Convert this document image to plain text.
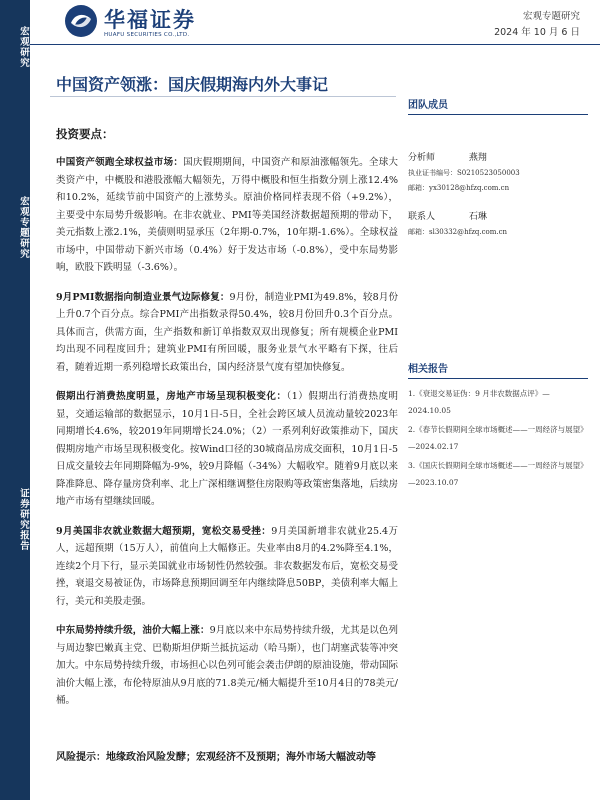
宏观研究
宏观专题研究
证券研究报告
华福证券
HUAFU SECURITIES CO.,LTD.
宏观专题研究
2024 年 10 月 6 日
中国资产领涨：国庆假期海内外大事记
投资要点：

中国资产领跑全球权益市场：国庆假期期间，中国资产和原油涨幅领先。全球大类资产中，中概股和港股涨幅大幅领先，万得中概股和恒生指数分别上涨12.4%和10.2%，延续节前中国资产的上涨势头。原油价格同样表现不俗（+9.2%），主要受中东局势升级影响。在非农就业、PMI等美国经济数据超预期的带动下，美元指数上涨2.1%，美债则明显承压（2年期-0.7%，10年期-1.6%）。全球权益市场中，中国带动下新兴市场（0.4%）好于发达市场（-0.8%），受中东局势影响，欧股下跌明显（-3.6%）。

9月PMI数据指向制造业景气边际修复：9月份，制造业PMI为49.8%，较8月份上升0.7个百分点。综合PMI产出指数录得50.4%，较8月份回升0.3个百分点。具体而言，供需方面，生产指数和新订单指数双双出现修复；所有规模企业PMI均出现不同程度回升；建筑业PMI有所回暖，服务业景气水平略有下探，往后看，随着近期一系列稳增长政策出台，国内经济景气度有望加快修复。

假期出行消费热度明显，房地产市场呈现积极变化：（1）假期出行消费热度明显，交通运输部的数据显示，10月1日-5日，全社会跨区域人员流动量较2023年同期增长4.6%，较2019年同期增长24.0%；（2）一系列利好政策推动下，国庆假期房地产市场呈现积极变化。按Wind口径的30城商品房成交面积，10月1日-5日成交量较去年同期降幅为-9%，较9月降幅（-34%）大幅收窄。随着9月底以来降准降息、降存量房贷利率、北上广深相继调整住房限购等政策密集落地，后续房地产市场有望继续回暖。

9月美国非农就业数据大超预期，宽松交易受挫：9月美国新增非农就业25.4万人，远超预期（15万人），前值向上大幅修正。失业率由8月的4.2%降至4.1%，连续2个月下行，显示美国就业市场韧性仍然较强。非农数据发布后，宽松交易受挫，衰退交易被证伪，市场降息预期回调至年内继续降息50BP，美债利率大幅上行，美元和美股走强。

中东局势持续升级，油价大幅上涨：9月底以来中东局势持续升级，尤其是以色列与周边黎巴嫩真主党、巴勒斯坦伊斯兰抵抗运动（哈马斯），也门胡塞武装等冲突加大。中东局势持续升级，市场担心以色列可能会袭击伊朗的原油设施，带动国际油价大幅上涨，布伦特原油从9月底的71.8美元/桶大幅提升至10月4日的78美元/桶。

风险提示：地缘政治风险发酵；宏观经济不及预期；海外市场大幅波动等
团队成员
分析师	燕翔
执业证书编号：S0210523050003
邮箱：yx30128@hfzq.com.cn
联系人	石琳
邮箱：sl30332@hfzq.com.cn
相关报告
1.《衰退交易证伪：9 月非农数据点评》—2024.10.05
2.《春节长假期间全球市场概述——一周经济与展望》—2024.02.17
3.《国庆长假期间全球市场概述——一周经济与展望》—2023.10.07
